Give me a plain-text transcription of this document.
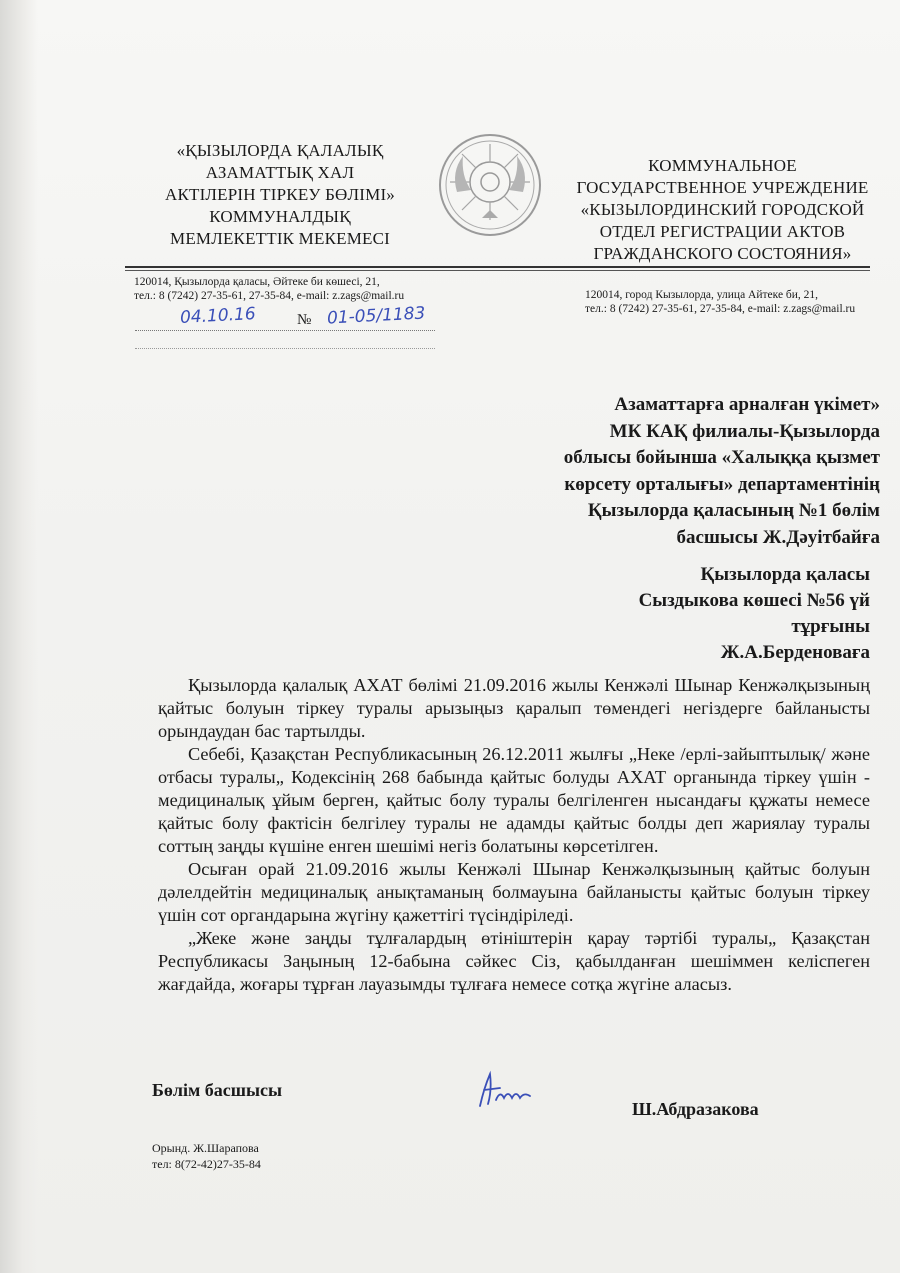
«ҚЫЗЫЛОРДА ҚАЛАЛЫҚ
АЗАМАТТЫҚ ХАЛ
АКТІЛЕРІН ТІРКЕУ БӨЛІМІ»
КОММУНАЛДЫҚ
МЕМЛЕКЕТТІК МЕКЕМЕСІ
КОММУНАЛЬНОЕ
ГОСУДАРСТВЕННОЕ УЧРЕЖДЕНИЕ
«КЫЗЫЛОРДИНСКИЙ ГОРОДСКОЙ
ОТДЕЛ РЕГИСТРАЦИИ АКТОВ
ГРАЖДАНСКОГО СОСТОЯНИЯ»
120014, Қызылорда қаласы, Әйтеке би көшесі, 21,
тел.: 8 (7242) 27-35-61, 27-35-84, e-mail: z.zags@mail.ru	120014, город Кызылорда, улица Айтеке би, 21,
тел.: 8 (7242) 27-35-61, 27-35-84, e-mail: z.zags@mail.ru
04.10.16	№ 01-05/1183
Азаматтарға арналған үкімет»
МК КАҚ филиалы-Қызылорда
облысы бойынша «Халыққа қызмет
көрсету орталығы» департаментінің
Қызылорда қаласының №1 бөлім
басшысы Ж.Дәуітбайға
Қызылорда қаласы
Сыздыкова көшесі №56 үй
тұрғыны
Ж.А.Берденоваға

Қызылорда қалалық АХАТ бөлімі 21.09.2016 жылы Кенжәлі Шынар Кенжәлқызының қайтыс болуын тіркеу туралы арызыңыз қаралып төмендегі негіздерге байланысты орындаудан бас тартылды.

Себебі, Қазақстан Республикасының 26.12.2011 жылғы „Неке /ерлі-зайыптылық/ және отбасы туралы„ Кодексінің 268 бабында қайтыс болуды АХАТ органында тіркеу үшін - медициналық ұйым берген, қайтыс болу туралы белгіленген нысандағы құжаты немесе қайтыс болу фактісін белгілеу туралы не адамды қайтыс болды деп жариялау туралы соттың заңды күшіне енген шешімі негіз болатыны көрсетілген.

Осыған орай 21.09.2016 жылы Кенжәлі Шынар Кенжәлқызының қайтыс болуын дәлелдейтін медициналық анықтаманың болмауына байланысты қайтыс болуын тіркеу үшін сот органдарына жүгіну қажеттігі түсіндіріледі.

„Жеке және заңды тұлғалардың өтініштерін қарау тәртібі туралы„ Қазақстан Республикасы Заңының 12-бабына сәйкес Сіз, қабылданған шешіммен келіспеген жағдайда, жоғары тұрған лауазымды тұлғаға немесе сотқа жүгіне аласыз.

Бөлім басшысы
Ш.Абдразакова
Орынд. Ж.Шарапова
тел: 8(72-42)27-35-84
